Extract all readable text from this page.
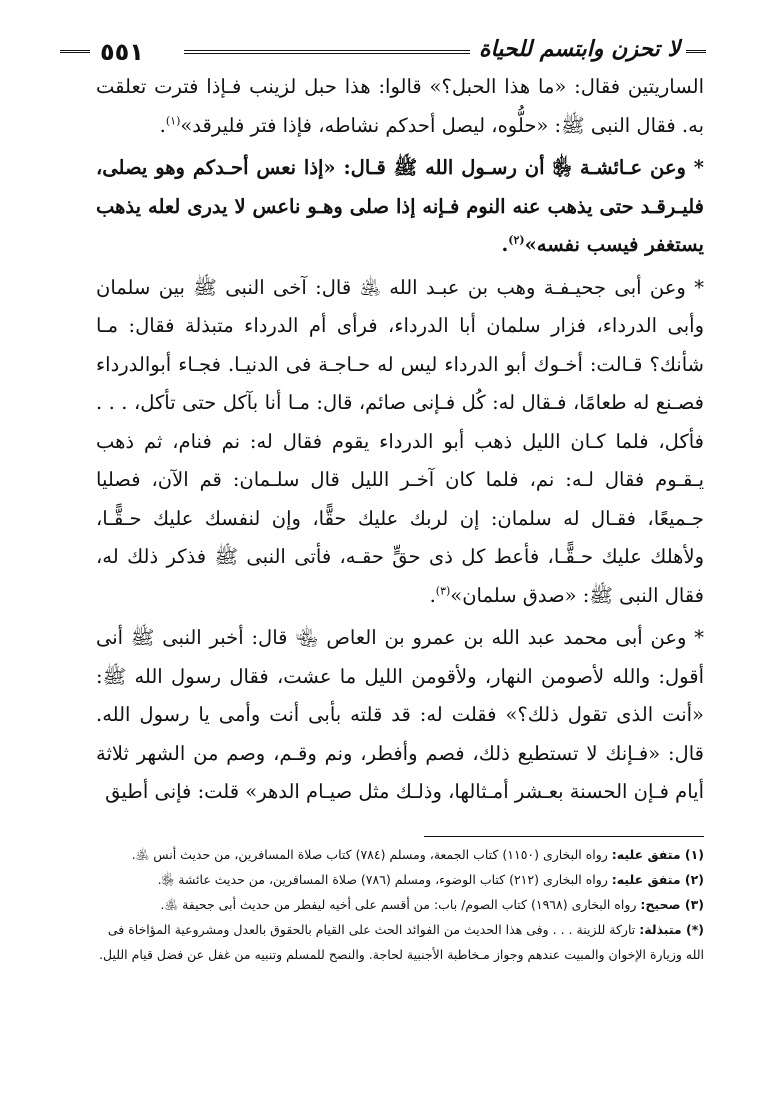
٥٥١	لا تحزن وابتسم للحياة

الساريتين فقال: «ما هذا الحبل؟» قالوا: هذا حبل لزينب فـإذا فترت تعلقت به. فقال النبى ﷺ: «حلُّوه، ليصل أحدكم نشاطه، فإذا فتر فليرقد»$^{(١)}$.

* وعن عـائشـة ﵂ أن رسـول الله ﷺ قـال: «إذا نعس أحـدكم وهو يصلى، فليـرقـد حتى يذهب عنه النوم فـإنه إذا صلى وهـو ناعس لا يدرى لعله يذهب يستغفر فيسب نفسه»$^{(٢)}$.

* وعن أبى جحيـفـة وهب بن عبـد الله ﵁ قال: آخى النبى ﷺ بين سلمان وأبى الدرداء، فزار سلمان أبا الدرداء، فرأى أم الدرداء متبذلة فقال: مـا شأنك؟ قـالت: أخـوك أبو الدرداء ليس له حـاجـة فى الدنيـا. فجـاء أبوالدرداء فصـنع له طعامًا، فـقال له: كُل فـإنى صائم، قال: مـا أنا بآكل حتى تأكل، . . . فأكل، فلما كـان الليل ذهب أبو الدرداء يقوم فقال له: نم فنام، ثم ذهب يـقـوم فقال لـه: نم، فلما كان آخـر الليل قال سلـمان: قم الآن، فصليا جـميعًا، فقـال له سلمان: إن لربك عليك حقًّا، وإن لنفسك عليك حـقًّـا، ولأهلك عليك حـقًّـا، فأعط كل ذى حقٍّ حقـه، فأتى النبى ﷺ فذكر ذلك له، فقال النبى ﷺ: «صدق سلمان»$^{(٣)}$.

* وعن أبى محمد عبد الله بن عمرو بن العاص ﵄ قال: أخبر النبى ﷺ أنى أقول: والله لأصومن النهار، ولأقومن الليل ما عشت، فقال رسول الله ﷺ: «أنت الذى تقول ذلك؟» فقلت له: قد قلته بأبى أنت وأمى يا رسول الله. قال: «فـإنك لا تستطيع ذلك، فصم وأفطر، ونم وقـم، وصم من الشهر ثلاثة أيام فـإن الحسنة بعـشر أمـثالها، وذلـك مثل صيـام الدهر» قلت: فإنى أطيق

(١) متفق عليه: رواه البخارى (١١٥٠) كتاب الجمعة، ومسلم (٧٨٤) كتاب صلاة المسافرين، من حديث أنس ﵁.

(٢) متفق عليه: رواه البخارى (٢١٢) كتاب الوضوء، ومسلم (٧٨٦) صلاة المسافرين، من حديث عائشة ﵂.

(٣) صحيح: رواه البخارى (١٩٦٨) كتاب الصوم/ باب: من أقسم على أخيه ليفطر من حديث أبى جحيفة ﵁.

(*) متبذلة: تاركة للزينة . . . وفى هذا الحديث من الفوائد الحث على القيام بالحقوق بالعدل ومشروعية المؤاخاة فى الله وزيارة الإخوان والمبيت عندهم وجواز مـخاطبة الأجنبية لحاجة. والنصح للمسلم وتنبيه من غفل عن فضل قيام الليل.
